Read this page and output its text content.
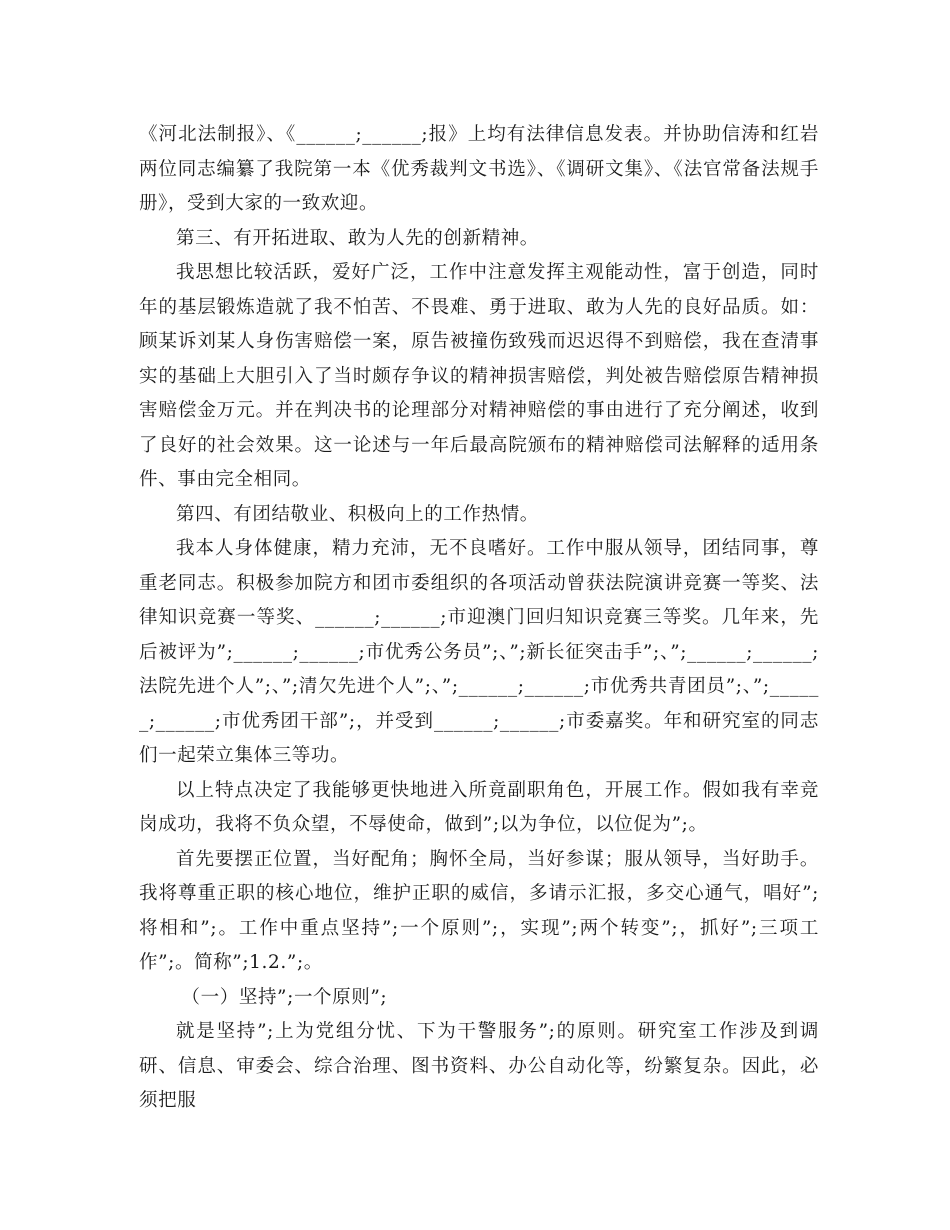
《河北法制报》、《______;______;报》上均有法律信息发表。并协助信涛和红岩两位同志编纂了我院第一本《优秀裁判文书选》、《调研文集》、《法官常备法规手册》，受到大家的一致欢迎。

第三、有开拓进取、敢为人先的创新精神。

我思想比较活跃，爱好广泛，工作中注意发挥主观能动性，富于创造，同时年的基层锻炼造就了我不怕苦、不畏难、勇于进取、敢为人先的良好品质。如：顾某诉刘某人身伤害赔偿一案，原告被撞伤致残而迟迟得不到赔偿，我在查清事实的基础上大胆引入了当时颇存争议的精神损害赔偿，判处被告赔偿原告精神损害赔偿金万元。并在判决书的论理部分对精神赔偿的事由进行了充分阐述，收到了良好的社会效果。这一论述与一年后最高院颁布的精神赔偿司法解释的适用条件、事由完全相同。

第四、有团结敬业、积极向上的工作热情。

我本人身体健康，精力充沛，无不良嗜好。工作中服从领导，团结同事，尊重老同志。积极参加院方和团市委组织的各项活动曾获法院演讲竞赛一等奖、法律知识竞赛一等奖、______;______;市迎澳门回归知识竞赛三等奖。几年来，先后被评为”;______;______;市优秀公务员”;、”;新长征突击手”;、”;______;______;法院先进个人”;、”;清欠先进个人”;、”;______;______;市优秀共青团员”;、”;______;______;市优秀团干部”;，并受到______;______;市委嘉奖。年和研究室的同志们一起荣立集体三等功。

以上特点决定了我能够更快地进入所竟副职角色，开展工作。假如我有幸竞岗成功，我将不负众望，不辱使命，做到”;以为争位，以位促为”;。

首先要摆正位置，当好配角；胸怀全局，当好参谋；服从领导，当好助手。我将尊重正职的核心地位，维护正职的威信，多请示汇报，多交心通气，唱好”;将相和”;。工作中重点坚持”;一个原则”;，实现”;两个转变”;，抓好”;三项工作”;。简称”;1.2.”;。

（一）坚持”;一个原则”;

就是坚持”;上为党组分忧、下为干警服务”;的原则。研究室工作涉及到调研、信息、审委会、综合治理、图书资料、办公自动化等，纷繁复杂。因此，必须把服
